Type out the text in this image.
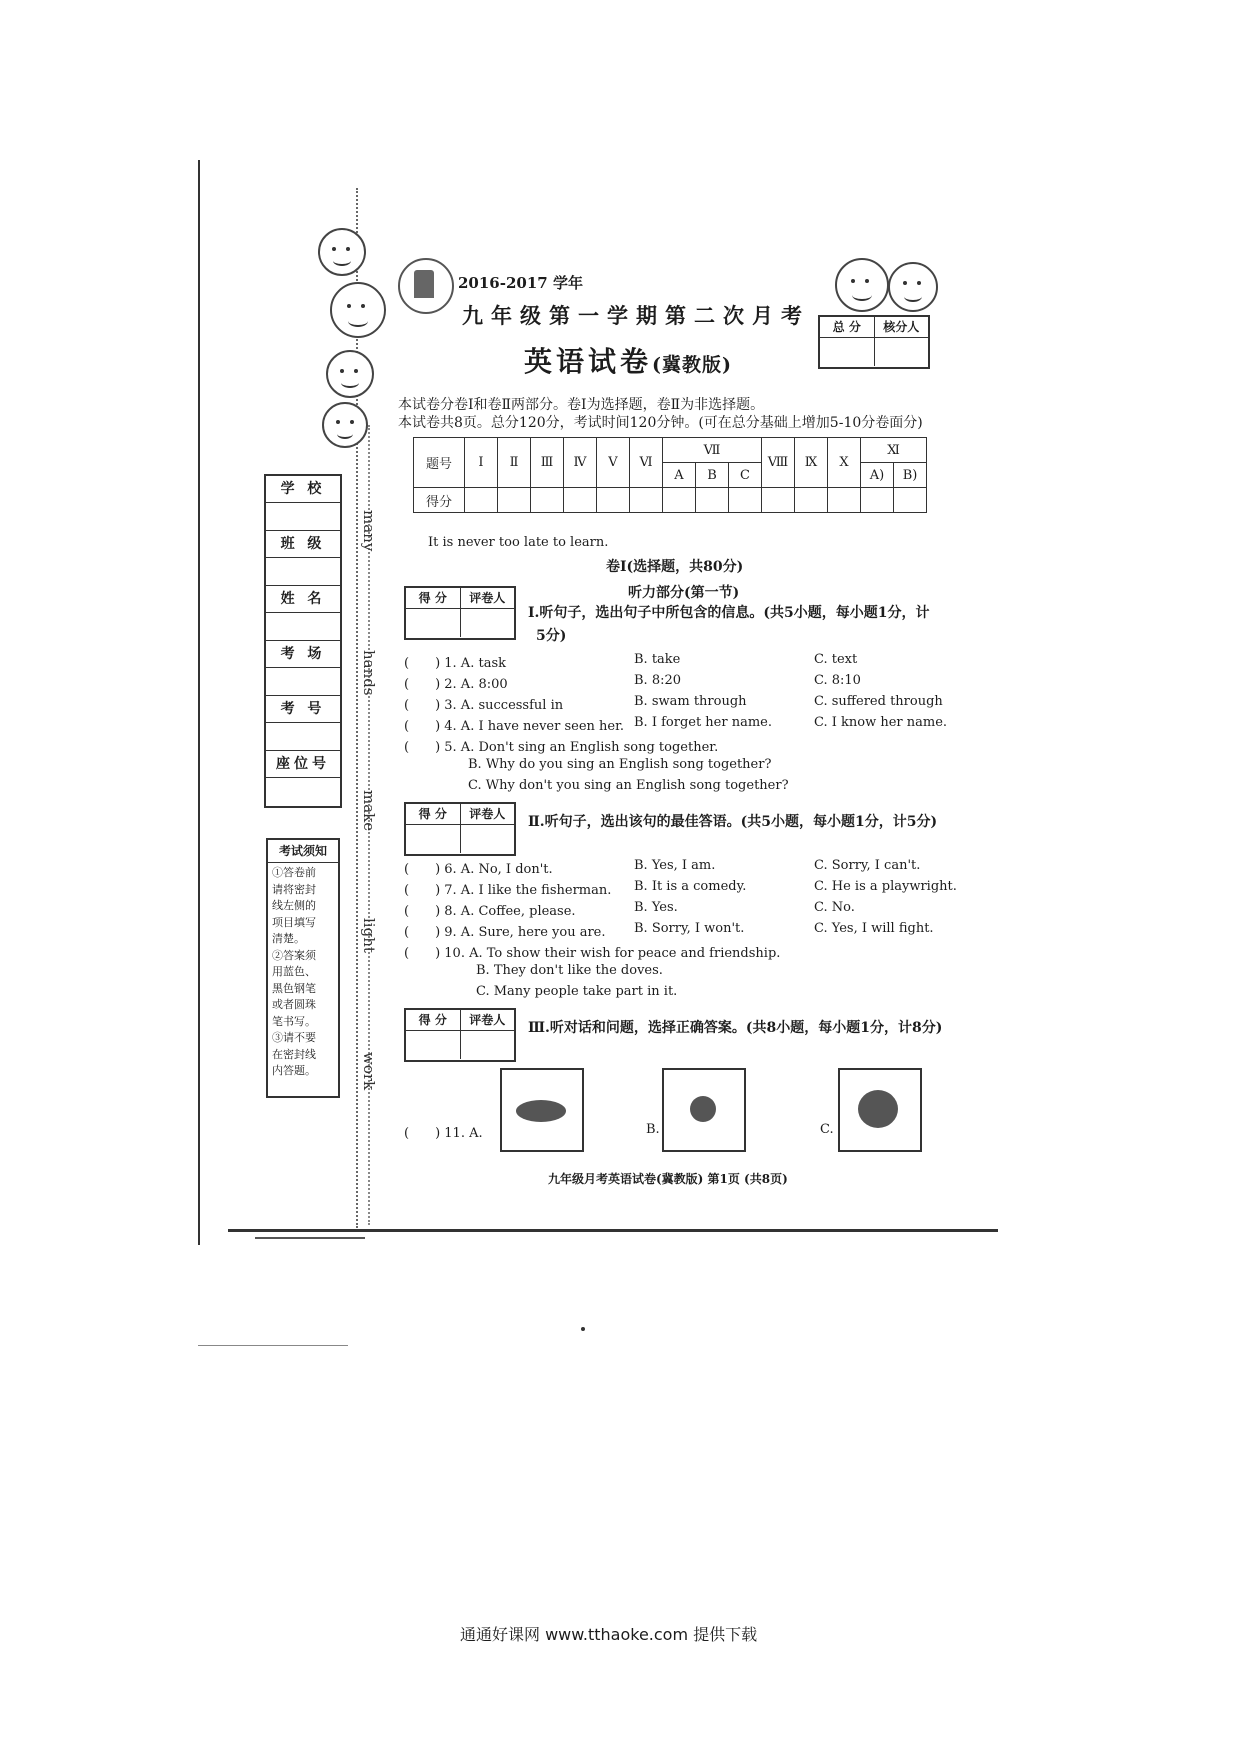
many
hands
make
light
work
学 校
班 级
姓 名
考 场
考 号
座位号
考试须知
①答卷前
请将密封
线左侧的
项目填写
清楚。
②答案须
用蓝色、
黑色钢笔
或者圆珠
笔书写。
③请不要
在密封线
内答题。
2016-2017 学年
九年级第一学期第二次月考
英语试卷(冀教版)
总 分	核分人
本试卷分卷Ⅰ和卷Ⅱ两部分。卷Ⅰ为选择题，卷Ⅱ为非选择题。
本试卷共8页。总分120分，考试时间120分钟。(可在总分基础上增加5-10分卷面分)
题号	Ⅰ	Ⅱ	Ⅲ	Ⅳ	Ⅴ	Ⅵ	Ⅶ			Ⅷ	Ⅸ	Ⅹ	Ⅺ	
							A	B	C				A)	B)
得分														
It is never too late to learn.
卷Ⅰ(选择题，共80分)
听力部分(第一节)
得 分	评卷人
Ⅰ.听句子，选出句子中所包含的信息。(共5小题，每小题1分，计
5分)
(　　) 1. A. task	B. take	C. text
(　　) 2. A. 8:00	B. 8:20	C. 8:10
(　　) 3. A. successful in	B. swam through	C. suffered through
(　　) 4. A. I have never seen her. B. I forget her name.	C. I know her name.
(　　) 5. A. Don't sing an English song together.
B. Why do you sing an English song together?
C. Why don't you sing an English song together?
得 分	评卷人	Ⅱ.听句子，选出该句的最佳答语。(共5小题，每小题1分，计5分)
(　　) 6. A. No, I don't.	B. Yes, I am.	C. Sorry, I can't.
(　　) 7. A. I like the fisherman. B. It is a comedy.	C. He is a playwright.
(　　) 8. A. Coffee, please.	B. Yes.	C. No.
(　　) 9. A. Sure, here you are. B. Sorry, I won't.	C. Yes, I will fight.
(　　) 10. A. To show their wish for peace and friendship.
B. They don't like the doves.
C. Many people take part in it.
得 分	评卷人	Ⅲ.听对话和问题，选择正确答案。(共8小题，每小题1分，计8分)
(　　) 11. A.	B.	C.
九年级月考英语试卷(冀教版) 第1页 (共8页)
通通好课网 www.tthaoke.com 提供下载
